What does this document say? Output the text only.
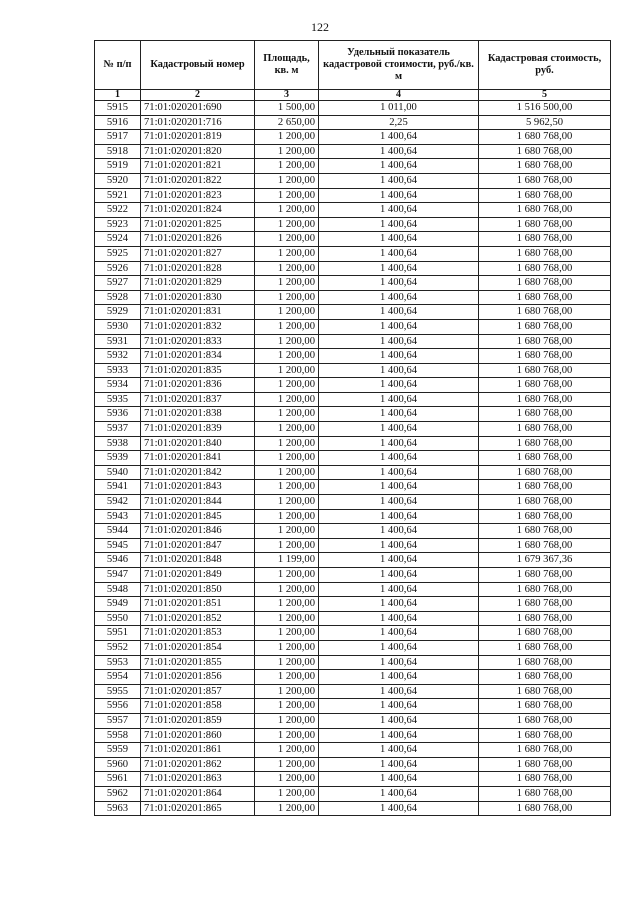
122
№ п/п	Кадастровый номер	Площадь, кв. м	Удельный показатель кадастровой стоимости, руб./кв. м	Кадастровая стоимость, руб.
1	2	3	4	5
5915	71:01:020201:690	1 500,00	1 011,00	1 516 500,00
5916	71:01:020201:716	2 650,00	2,25	5 962,50
5917	71:01:020201:819	1 200,00	1 400,64	1 680 768,00
5918	71:01:020201:820	1 200,00	1 400,64	1 680 768,00
5919	71:01:020201:821	1 200,00	1 400,64	1 680 768,00
5920	71:01:020201:822	1 200,00	1 400,64	1 680 768,00
5921	71:01:020201:823	1 200,00	1 400,64	1 680 768,00
5922	71:01:020201:824	1 200,00	1 400,64	1 680 768,00
5923	71:01:020201:825	1 200,00	1 400,64	1 680 768,00
5924	71:01:020201:826	1 200,00	1 400,64	1 680 768,00
5925	71:01:020201:827	1 200,00	1 400,64	1 680 768,00
5926	71:01:020201:828	1 200,00	1 400,64	1 680 768,00
5927	71:01:020201:829	1 200,00	1 400,64	1 680 768,00
5928	71:01:020201:830	1 200,00	1 400,64	1 680 768,00
5929	71:01:020201:831	1 200,00	1 400,64	1 680 768,00
5930	71:01:020201:832	1 200,00	1 400,64	1 680 768,00
5931	71:01:020201:833	1 200,00	1 400,64	1 680 768,00
5932	71:01:020201:834	1 200,00	1 400,64	1 680 768,00
5933	71:01:020201:835	1 200,00	1 400,64	1 680 768,00
5934	71:01:020201:836	1 200,00	1 400,64	1 680 768,00
5935	71:01:020201:837	1 200,00	1 400,64	1 680 768,00
5936	71:01:020201:838	1 200,00	1 400,64	1 680 768,00
5937	71:01:020201:839	1 200,00	1 400,64	1 680 768,00
5938	71:01:020201:840	1 200,00	1 400,64	1 680 768,00
5939	71:01:020201:841	1 200,00	1 400,64	1 680 768,00
5940	71:01:020201:842	1 200,00	1 400,64	1 680 768,00
5941	71:01:020201:843	1 200,00	1 400,64	1 680 768,00
5942	71:01:020201:844	1 200,00	1 400,64	1 680 768,00
5943	71:01:020201:845	1 200,00	1 400,64	1 680 768,00
5944	71:01:020201:846	1 200,00	1 400,64	1 680 768,00
5945	71:01:020201:847	1 200,00	1 400,64	1 680 768,00
5946	71:01:020201:848	1 199,00	1 400,64	1 679 367,36
5947	71:01:020201:849	1 200,00	1 400,64	1 680 768,00
5948	71:01:020201:850	1 200,00	1 400,64	1 680 768,00
5949	71:01:020201:851	1 200,00	1 400,64	1 680 768,00
5950	71:01:020201:852	1 200,00	1 400,64	1 680 768,00
5951	71:01:020201:853	1 200,00	1 400,64	1 680 768,00
5952	71:01:020201:854	1 200,00	1 400,64	1 680 768,00
5953	71:01:020201:855	1 200,00	1 400,64	1 680 768,00
5954	71:01:020201:856	1 200,00	1 400,64	1 680 768,00
5955	71:01:020201:857	1 200,00	1 400,64	1 680 768,00
5956	71:01:020201:858	1 200,00	1 400,64	1 680 768,00
5957	71:01:020201:859	1 200,00	1 400,64	1 680 768,00
5958	71:01:020201:860	1 200,00	1 400,64	1 680 768,00
5959	71:01:020201:861	1 200,00	1 400,64	1 680 768,00
5960	71:01:020201:862	1 200,00	1 400,64	1 680 768,00
5961	71:01:020201:863	1 200,00	1 400,64	1 680 768,00
5962	71:01:020201:864	1 200,00	1 400,64	1 680 768,00
5963	71:01:020201:865	1 200,00	1 400,64	1 680 768,00
